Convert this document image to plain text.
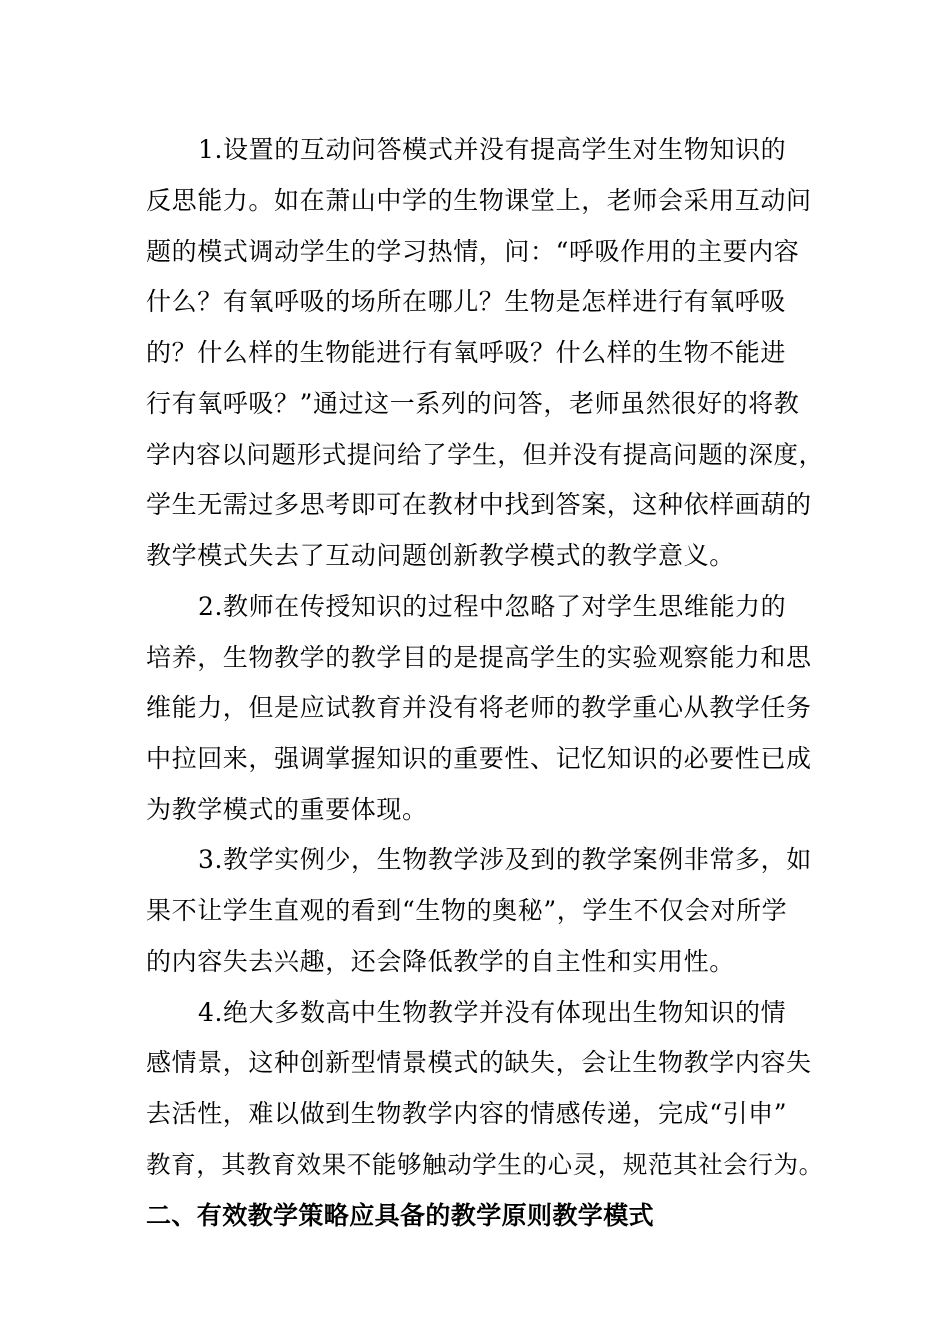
1.设置的互动问答模式并没有提高学生对生物知识的
反思能力。如在萧山中学的生物课堂上，老师会采用互动问
题的模式调动学生的学习热情，问：“呼吸作用的主要内容
什么？有氧呼吸的场所在哪儿？生物是怎样进行有氧呼吸
的？什么样的生物能进行有氧呼吸？什么样的生物不能进
行有氧呼吸？”通过这一系列的问答，老师虽然很好的将教
学内容以问题形式提问给了学生，但并没有提高问题的深度，
学生无需过多思考即可在教材中找到答案，这种依样画葫的
教学模式失去了互动问题创新教学模式的教学意义。
2.教师在传授知识的过程中忽略了对学生思维能力的
培养，生物教学的教学目的是提高学生的实验观察能力和思
维能力，但是应试教育并没有将老师的教学重心从教学任务
中拉回来，强调掌握知识的重要性、记忆知识的必要性已成
为教学模式的重要体现。
3.教学实例少，生物教学涉及到的教学案例非常多，如
果不让学生直观的看到“生物的奥秘”，学生不仅会对所学
的内容失去兴趣，还会降低教学的自主性和实用性。
4.绝大多数高中生物教学并没有体现出生物知识的情
感情景，这种创新型情景模式的缺失，会让生物教学内容失
去活性，难以做到生物教学内容的情感传递，完成“引申”
教育，其教育效果不能够触动学生的心灵，规范其社会行为。
二、有效教学策略应具备的教学原则教学模式
